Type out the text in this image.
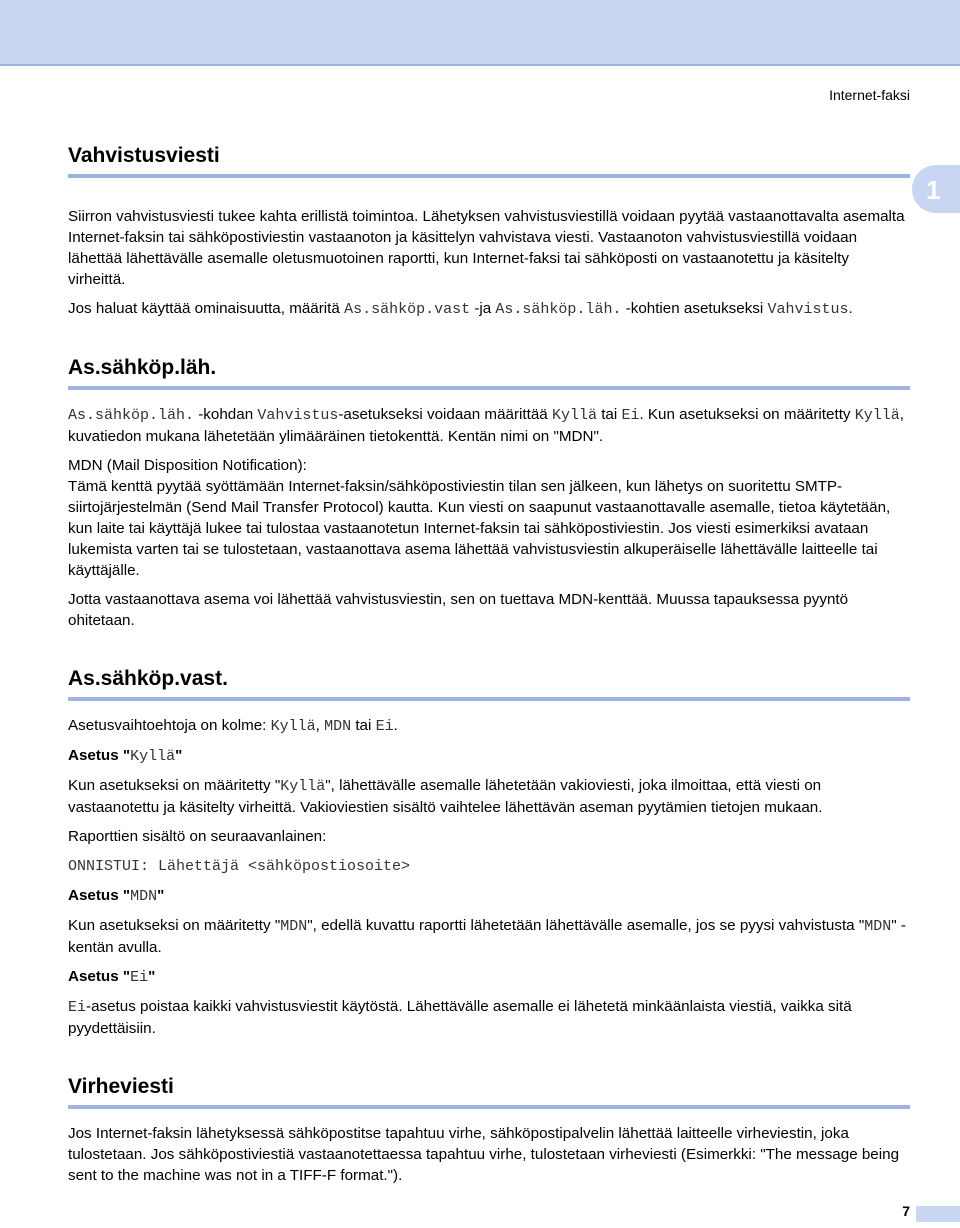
Internet-faksi
1
Vahvistusviesti

Siirron vahvistusviesti tukee kahta erillistä toimintoa. Lähetyksen vahvistusviestillä voidaan pyytää vastaanottavalta asemalta Internet-faksin tai sähköpostiviestin vastaanoton ja käsittelyn vahvistava viesti. Vastaanoton vahvistusviestillä voidaan lähettää lähettävälle asemalle oletusmuotoinen raportti, kun Internet-faksi tai sähköposti on vastaanotettu ja käsitelty virheittä.

Jos haluat käyttää ominaisuutta, määritä As.sähköp.vast -ja As.sähköp.läh. -kohtien asetukseksi Vahvistus.

As.sähköp.läh.

As.sähköp.läh. -kohdan Vahvistus-asetukseksi voidaan määrittää Kyllä tai Ei. Kun asetukseksi on määritetty Kyllä, kuvatiedon mukana lähetetään ylimääräinen tietokenttä. Kentän nimi on "MDN".

MDN (Mail Disposition Notification):

Tämä kenttä pyytää syöttämään Internet-faksin/sähköpostiviestin tilan sen jälkeen, kun lähetys on suoritettu SMTP-siirtojärjestelmän (Send Mail Transfer Protocol) kautta. Kun viesti on saapunut vastaanottavalle asemalle, tietoa käytetään, kun laite tai käyttäjä lukee tai tulostaa vastaanotetun Internet-faksin tai sähköpostiviestin. Jos viesti esimerkiksi avataan lukemista varten tai se tulostetaan, vastaanottava asema lähettää vahvistusviestin alkuperäiselle lähettävälle laitteelle tai käyttäjälle.

Jotta vastaanottava asema voi lähettää vahvistusviestin, sen on tuettava MDN-kenttää. Muussa tapauksessa pyyntö ohitetaan.

As.sähköp.vast.

Asetusvaihtoehtoja on kolme: Kyllä, MDN tai Ei.

Asetus "Kyllä"

Kun asetukseksi on määritetty "Kyllä", lähettävälle asemalle lähetetään vakioviesti, joka ilmoittaa, että viesti on vastaanotettu ja käsitelty virheittä. Vakioviestien sisältö vaihtelee lähettävän aseman pyytämien tietojen mukaan.

Raporttien sisältö on seuraavanlainen:

ONNISTUI: Lähettäjä <sähköpostiosoite>

Asetus "MDN"

Kun asetukseksi on määritetty "MDN", edellä kuvattu raportti lähetetään lähettävälle asemalle, jos se pyysi vahvistusta "MDN" -kentän avulla.

Asetus "Ei"

Ei-asetus poistaa kaikki vahvistusviestit käytöstä. Lähettävälle asemalle ei lähetetä minkäänlaista viestiä, vaikka sitä pyydettäisiin.

Virheviesti

Jos Internet-faksin lähetyksessä sähköpostitse tapahtuu virhe, sähköpostipalvelin lähettää laitteelle virheviestin, joka tulostetaan. Jos sähköpostiviestiä vastaanotettaessa tapahtuu virhe, tulostetaan virheviesti (Esimerkki: "The message being sent to the machine was not in a TIFF-F format.").

7
